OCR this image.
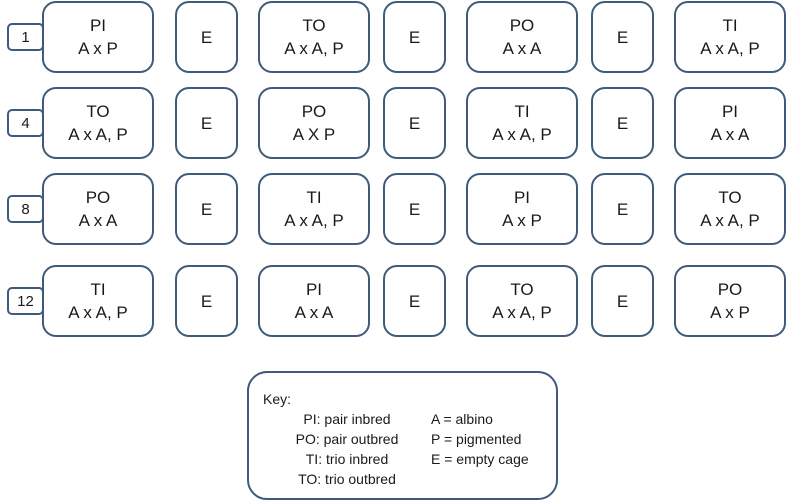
1
PI
A x P
E
TO
A x A, P
E
PO
A x A
E
TI
A x A, P
4
TO
A x A, P
E
PO
A X P
E
TI
A x A, P
E
PI
A x A
8
PO
A x A
E
TI
A x A, P
E
PI
A x P
E
TO
A x A, P
12
TI
A x A, P
E
PI
A x A
E
TO
A x A, P
E
PO
A x P
Key:
PI: pair inbred	A = albino
PO: pair outbred	P = pigmented
TI: trio inbred	E = empty cage
TO: trio outbred
